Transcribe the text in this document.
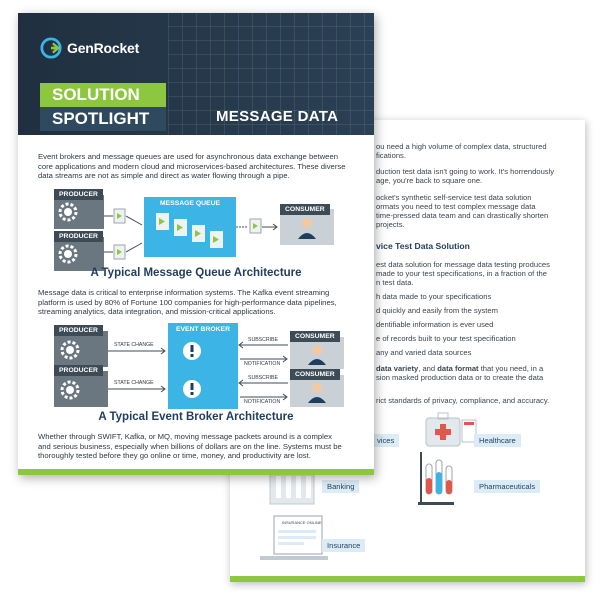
ou need a high volume of complex data, structured
fications.
duction test data isn't going to work. It's horrendously
age, you're back to square one.
ocket's synthetic self-service test data solution
ormats you need to test complex message data
time-pressed data team and can drastically shorten
projects.
vice Test Data Solution
est data solution for message data testing produces
made to your test specifications, in a fraction of the
n test data.
h data made to your specifications
d quickly and easily from the system
dentifiable information is ever used
e of records built to your test specification
any and varied data sources
data variety, and data format that you need, in a
sion masked production data or to create the data
rict standards of privacy, compliance, and accuracy.
vices
INSURANCE ONLINE
Healthcare
Banking	Pharmaceuticals
Insurance
GenRocket
SOLUTION
SPOTLIGHT	MESSAGE DATA
Event brokers and message queues are used for asynchronous data exchange between
core applications and modern cloud and microservices-based architectures. These diverse
data streams are not as simple and direct as water flowing through a pipe.
PRODUCER
PRODUCER
MESSAGE QUEUE
CONSUMER
A Typical Message Queue Architecture
Message data is critical to enterprise information systems. The Kafka event streaming
platform is used by 80% of Fortune 100 companies for high-performance data pipelines,
streaming analytics, data integration, and mission-critical applications.
PRODUCER
PRODUCER
EVENT BROKER
CONSUMER
CONSUMER
STATE CHANGE
STATE CHANGE
SUBSCRIBE
NOTIFICATION
SUBSCRIBE
NOTIFICATION
A Typical Event Broker Architecture
Whether through SWIFT, Kafka, or MQ, moving message packets around is a complex
and serious business, especially when billions of dollars are on the line. Systems must be
thoroughly tested before they go online or time, money, and productivity are lost.
